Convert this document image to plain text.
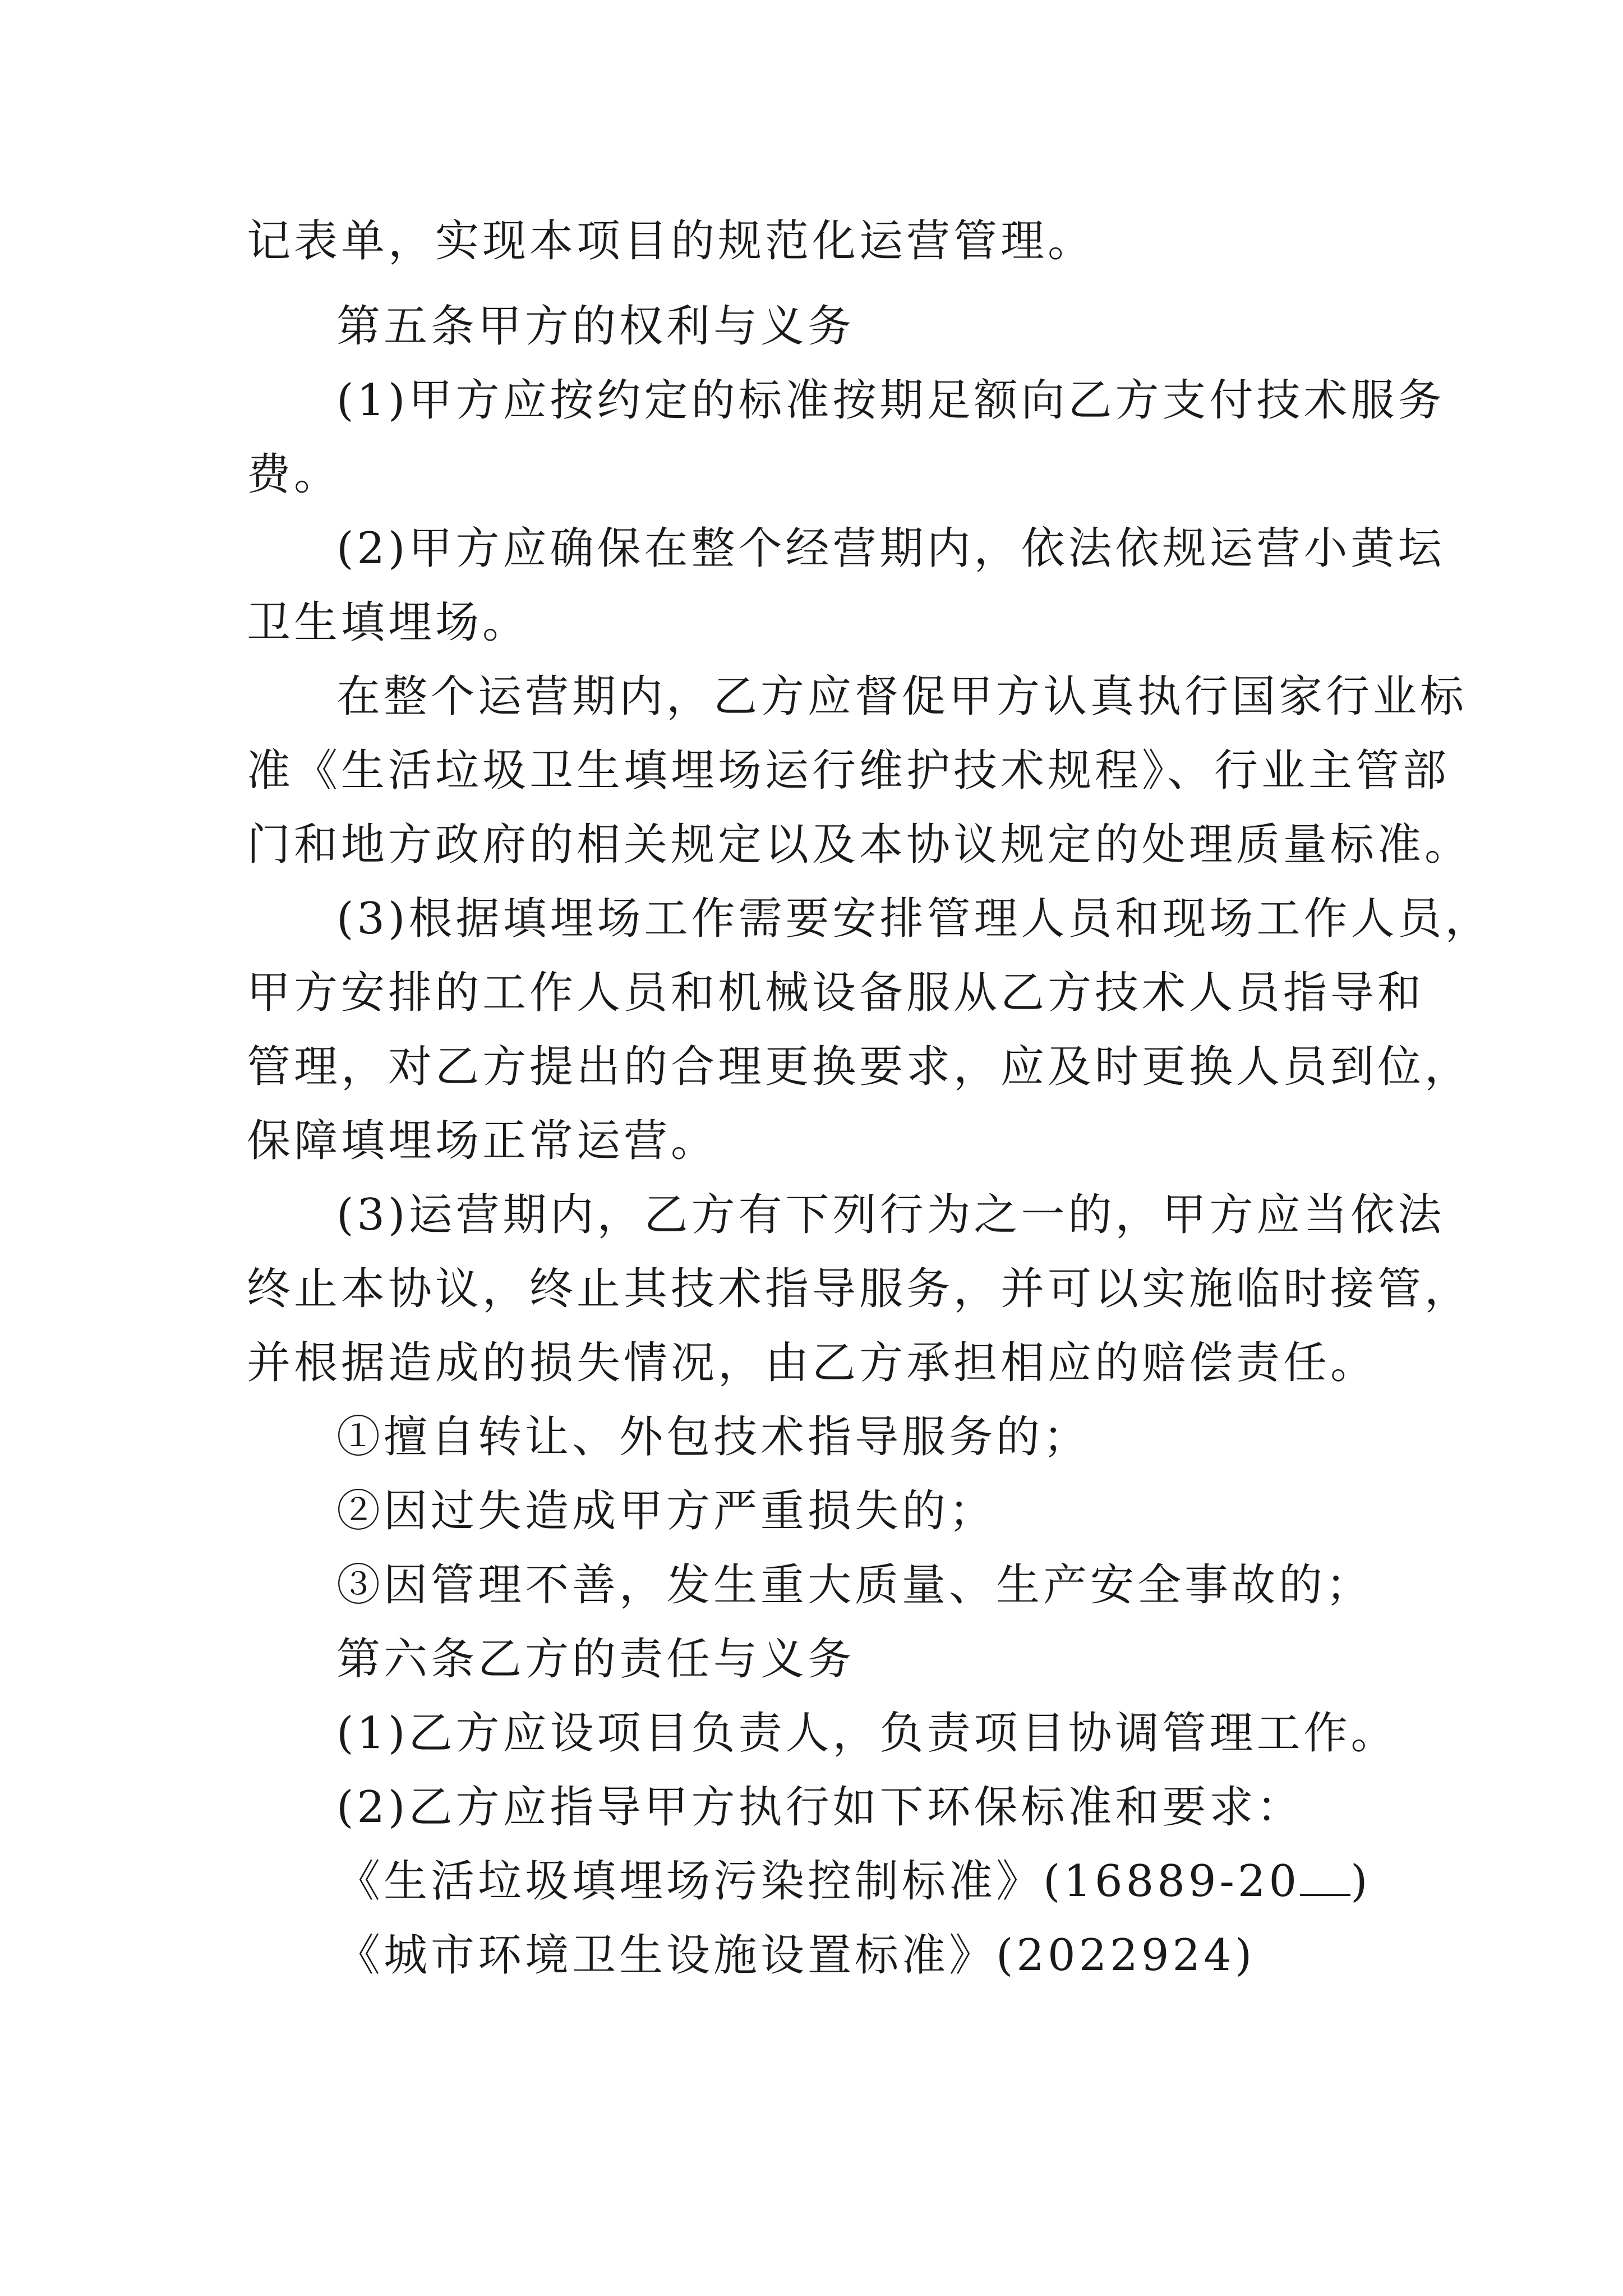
记表单，实现本项目的规范化运营管理。
第五条甲方的权利与义务
(1)甲方应按约定的标准按期足额向乙方支付技术服务
费。
(2)甲方应确保在整个经营期内，依法依规运营小黄坛
卫生填埋场。
在整个运营期内，乙方应督促甲方认真执行国家行业标
准《生活垃圾卫生填埋场运行维护技术规程》、行业主管部
门和地方政府的相关规定以及本协议规定的处理质量标准。
(3)根据填埋场工作需要安排管理人员和现场工作人员，
甲方安排的工作人员和机械设备服从乙方技术人员指导和
管理，对乙方提出的合理更换要求，应及时更换人员到位，
保障填埋场正常运营。
(3)运营期内，乙方有下列行为之一的，甲方应当依法
终止本协议，终止其技术指导服务，并可以实施临时接管，
并根据造成的损失情况，由乙方承担相应的赔偿责任。
①擅自转让、外包技术指导服务的；
②因过失造成甲方严重损失的；
③因管理不善，发生重大质量、生产安全事故的；
第六条乙方的责任与义务
(1)乙方应设项目负责人，负责项目协调管理工作。
(2)乙方应指导甲方执行如下环保标准和要求：
《生活垃圾填埋场污染控制标准》(16889-20 )
《城市环境卫生设施设置标准》(2022924)
